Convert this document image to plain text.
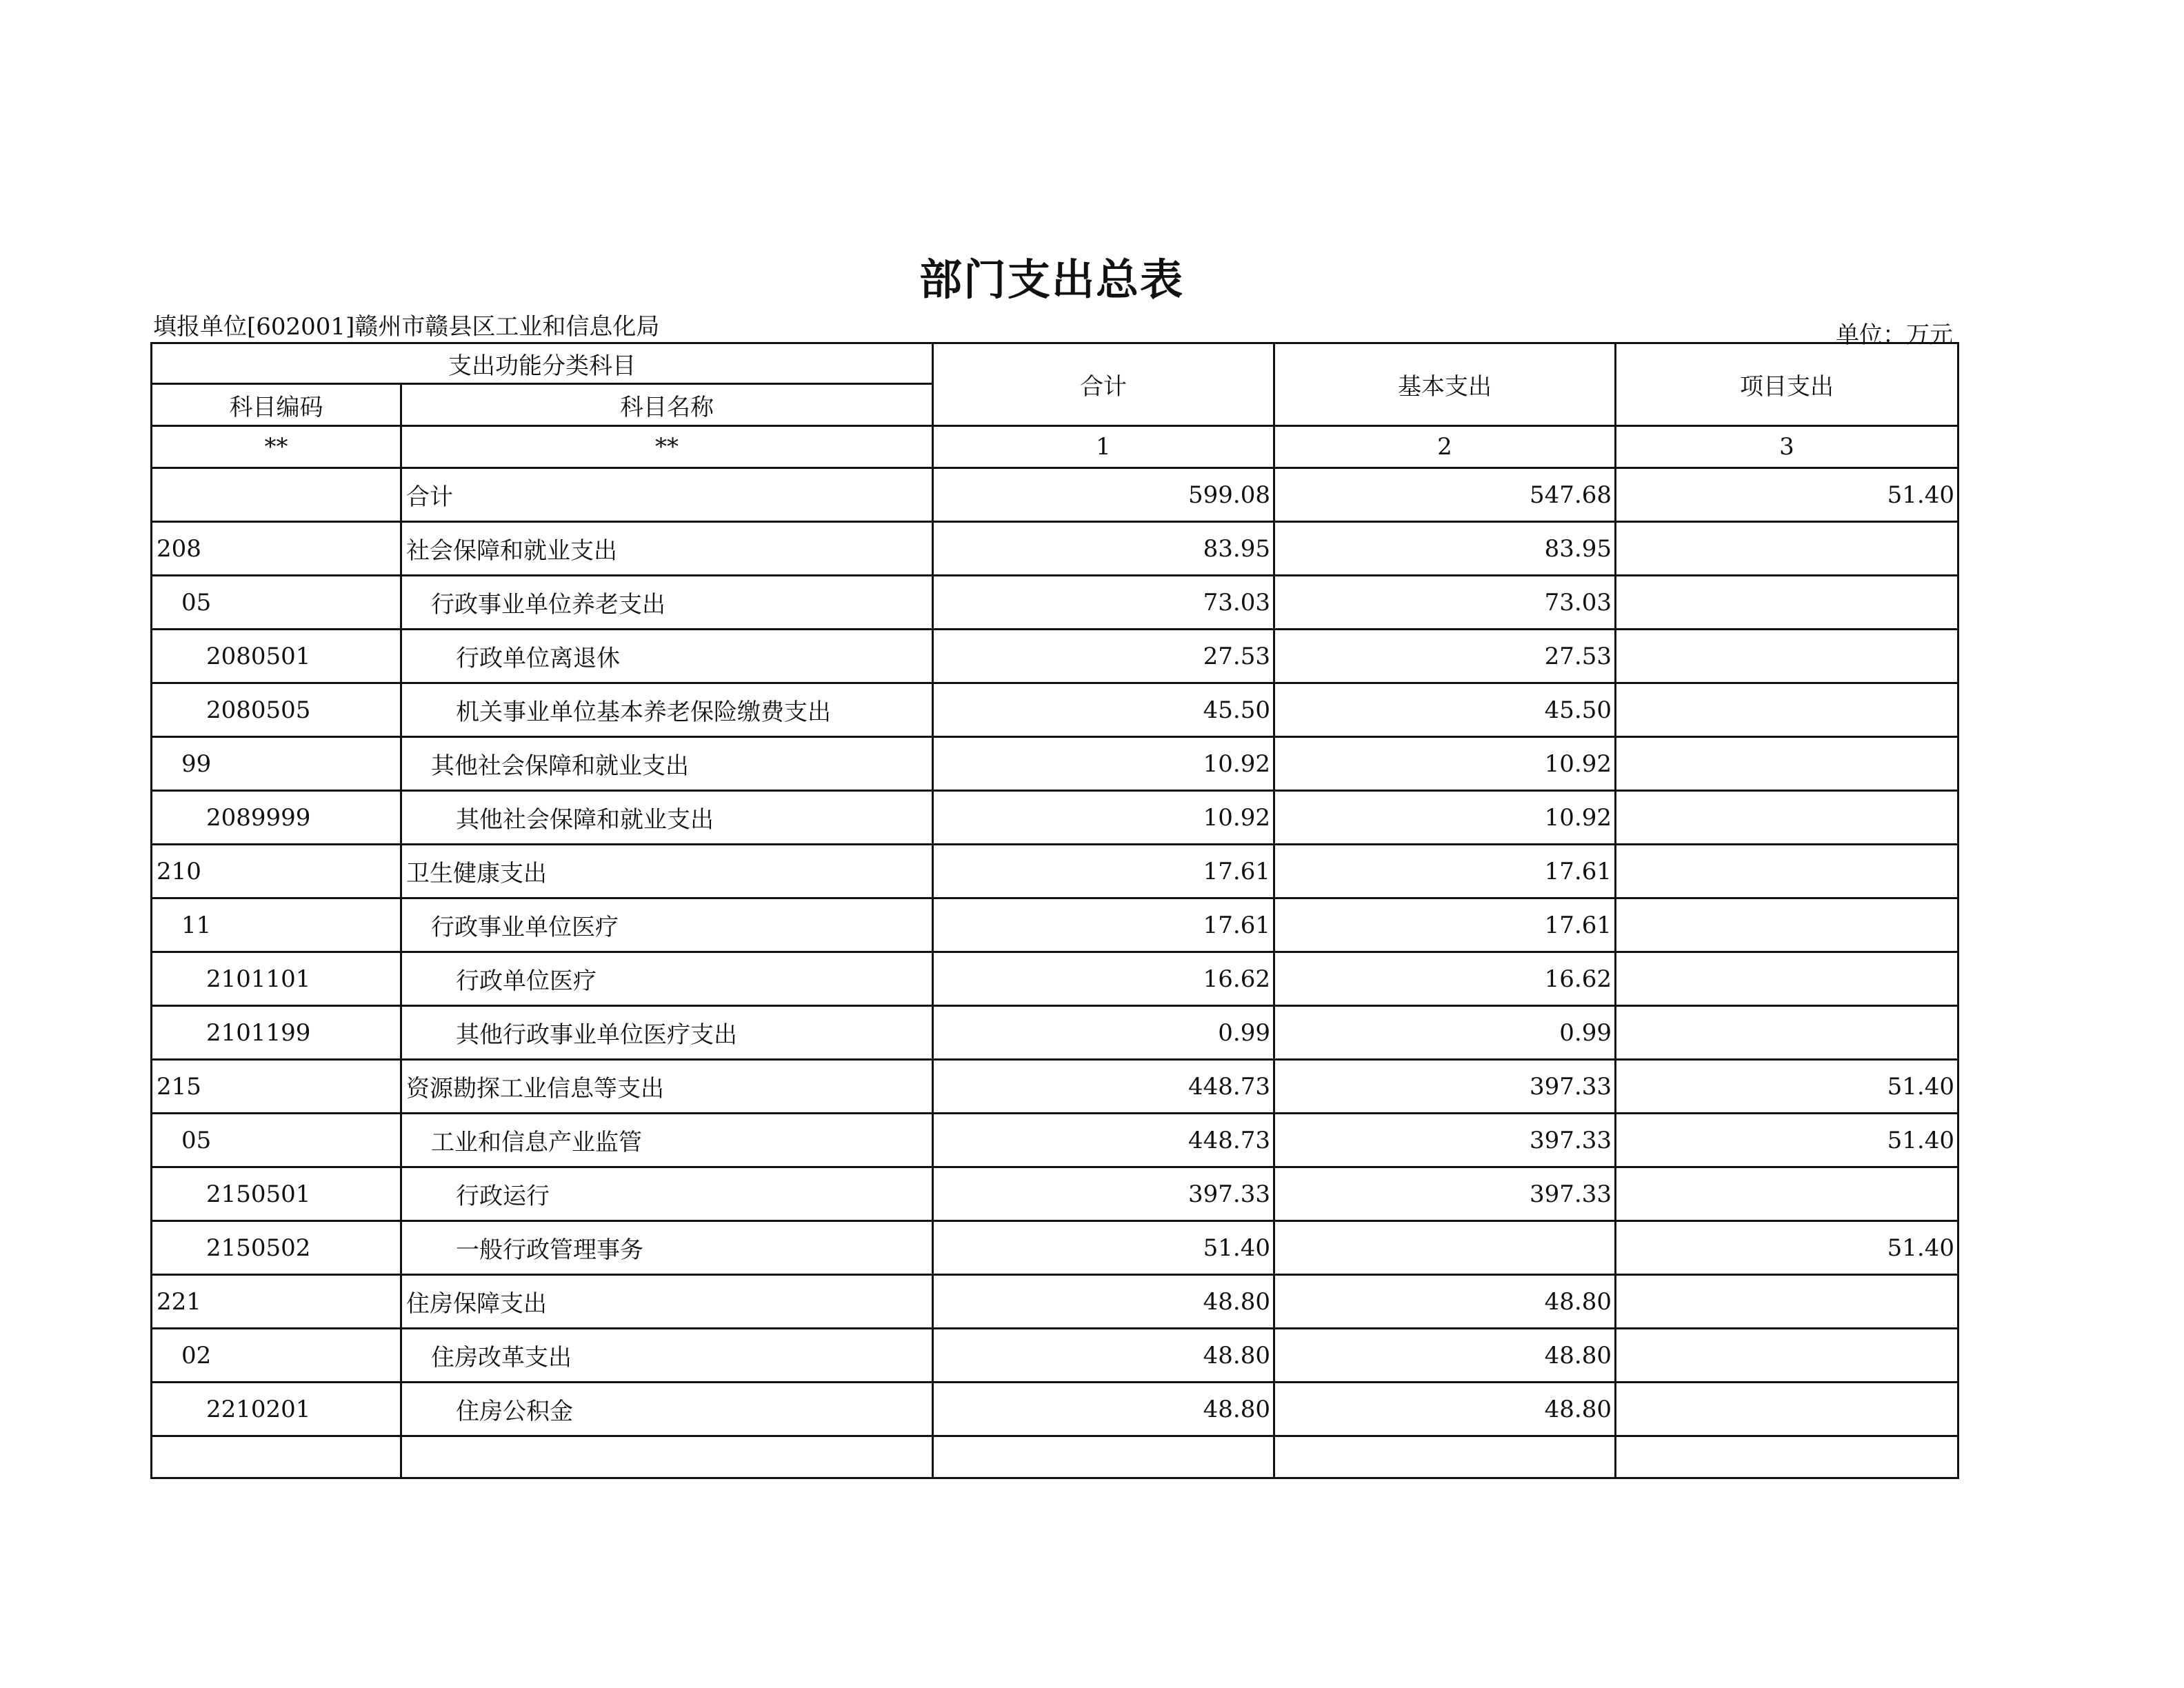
部门支出总表
填报单位[602001]赣州市赣县区工业和信息化局	单位：万元
支出功能分类科目		合计	基本支出	项目支出
科目编码	科目名称			
**	**	1	2	3
	合计	599.08	547.68	51.40
208	社会保障和就业支出	83.95	83.95	
05	行政事业单位养老支出	73.03	73.03	
2080501	行政单位离退休	27.53	27.53	
2080505	机关事业单位基本养老保险缴费支出	45.50	45.50	
99	其他社会保障和就业支出	10.92	10.92	
2089999	其他社会保障和就业支出	10.92	10.92	
210	卫生健康支出	17.61	17.61	
11	行政事业单位医疗	17.61	17.61	
2101101	行政单位医疗	16.62	16.62	
2101199	其他行政事业单位医疗支出	0.99	0.99	
215	资源勘探工业信息等支出	448.73	397.33	51.40
05	工业和信息产业监管	448.73	397.33	51.40
2150501	行政运行	397.33	397.33	
2150502	一般行政管理事务	51.40		51.40
221	住房保障支出	48.80	48.80	
02	住房改革支出	48.80	48.80	
2210201	住房公积金	48.80	48.80	
